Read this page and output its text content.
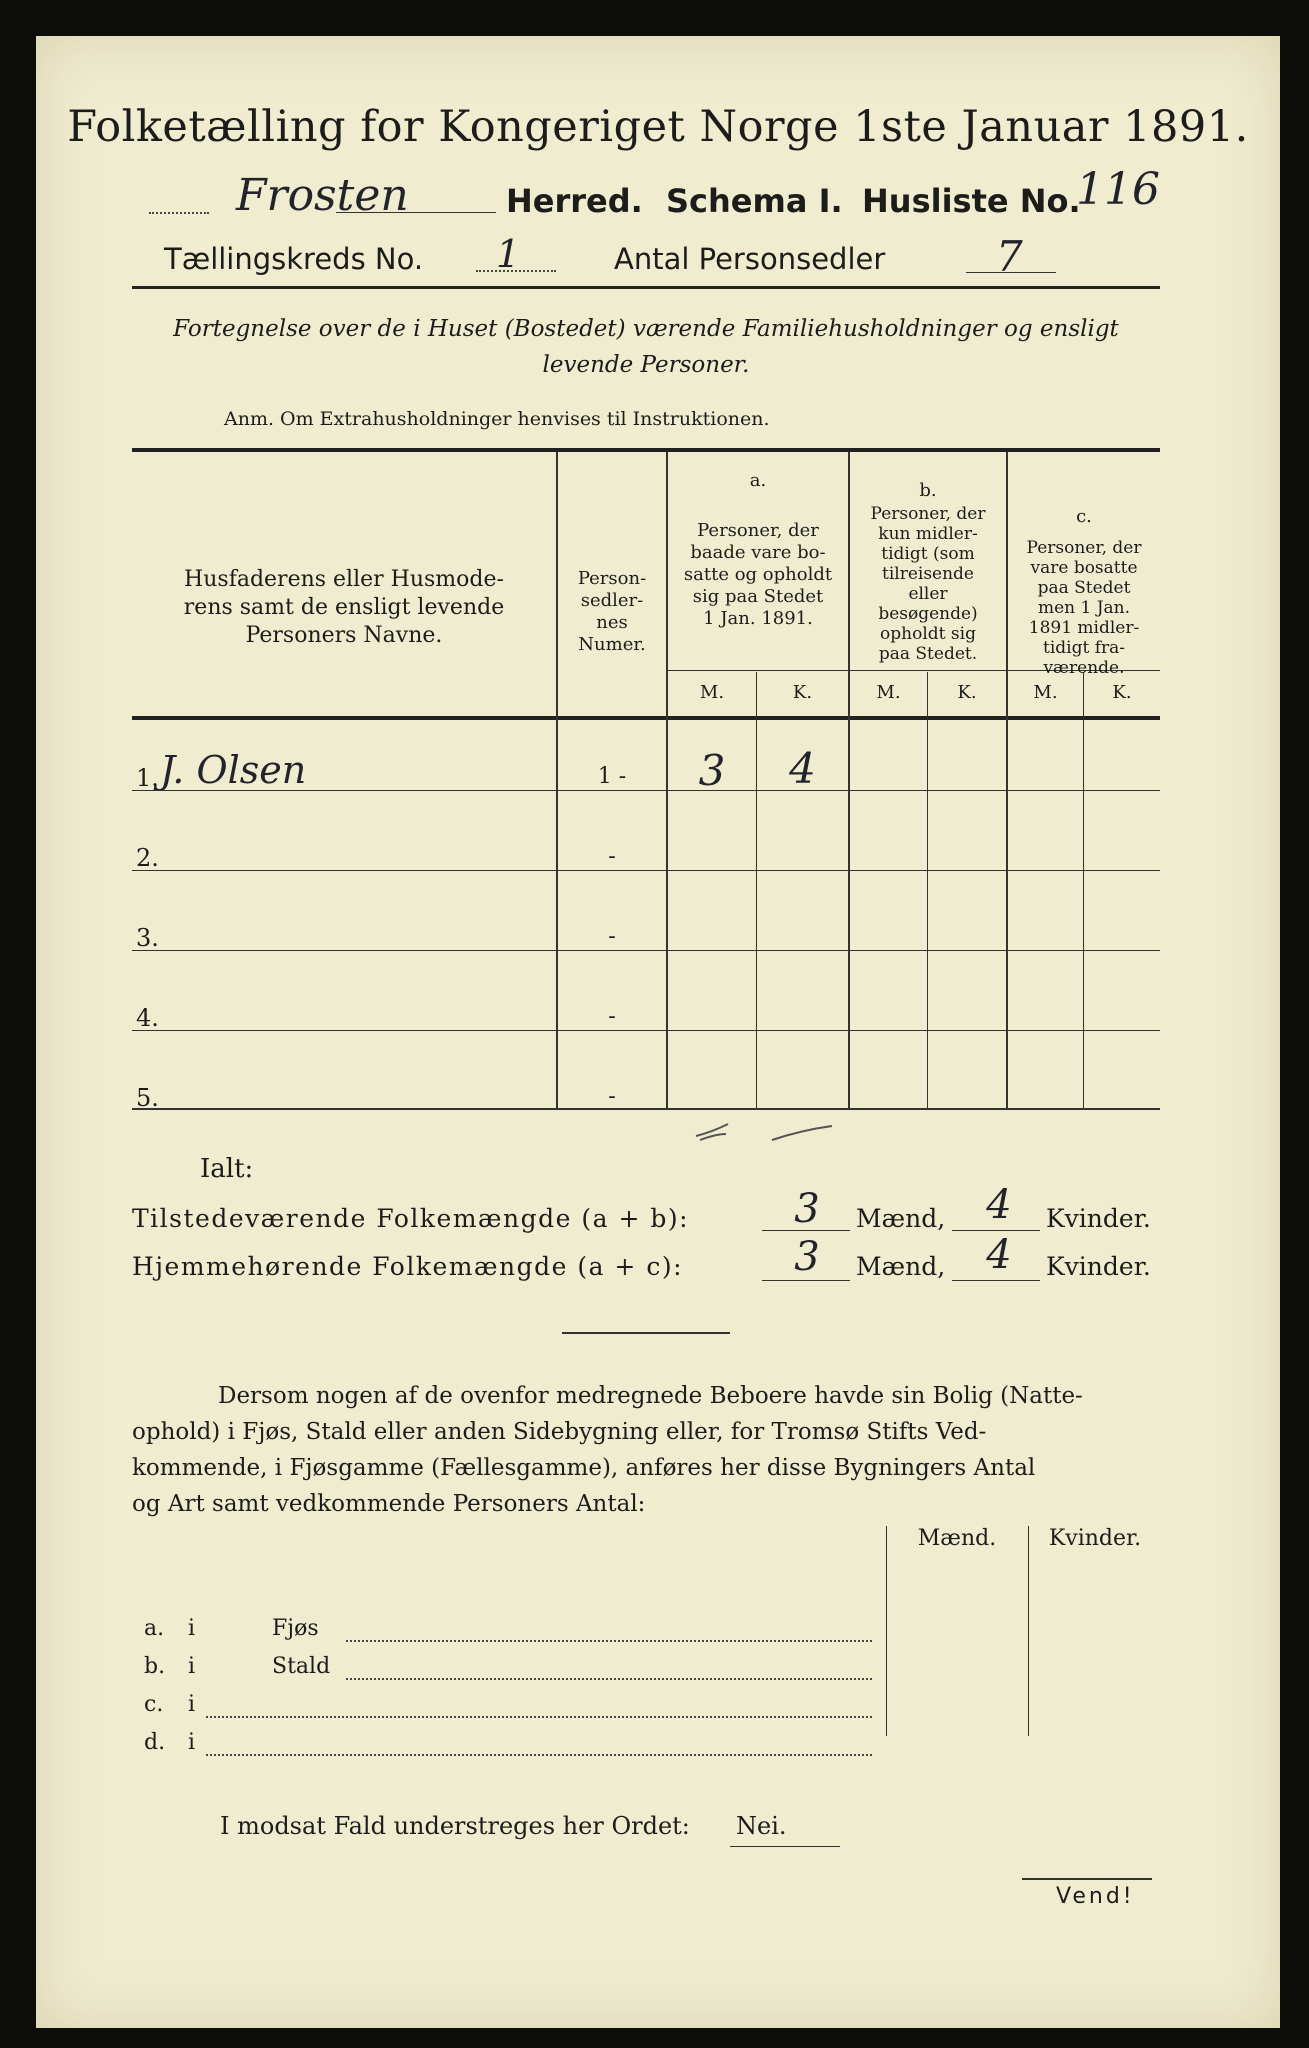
Folketælling for Kongeriget Norge 1ste Januar 1891.
Frosten	Herred. Schema I. Husliste No.
116
Tællingskreds No. 1	Antal Personsedler	7
Fortegnelse over de i Huset (Bostedet) værende Familiehusholdninger og ensligt
levende Personer.
Anm. Om Extrahusholdninger henvises til Instruktionen.
Husfaderens eller Husmode-
rens samt de ensligt levende
Personers Navne.
Person-
sedler-
nes
Numer.
a.
Personer, der
baade vare bo-
satte og opholdt
sig paa Stedet
1 Jan. 1891.
b.
Personer, der
kun midler-
tidigt (som
tilreisende
eller
besøgende)
opholdt sig
paa Stedet.
c.
Personer, der
vare bosatte
paa Stedet
men 1 Jan.
1891 midler-
tidigt fra-
værende.
M.	K.	M.	K.	M.	K.
1. J. Olsen	1 -	3	4
2.	-
3.	-
4.	-
5.	-
Ialt:
Tilstedeværende Folkemængde (a + b):	3	Mænd,	4	Kvinder.
Hjemmehørende Folkemængde (a + c):	3	Mænd,	4	Kvinder.
Dersom nogen af de ovenfor medregnede Beboere havde sin Bolig (Natte-
ophold) i Fjøs, Stald eller anden Sidebygning eller, for Tromsø Stifts Ved-
kommende, i Fjøsgamme (Fællesgamme), anføres her disse Bygningers Antal
og Art samt vedkommende Personers Antal:
Mænd.	Kvinder.
a. i	Fjøs
b. i	Stald
c. i
d. i
I modsat Fald understreges her Ordet: Nei.
Vend!
